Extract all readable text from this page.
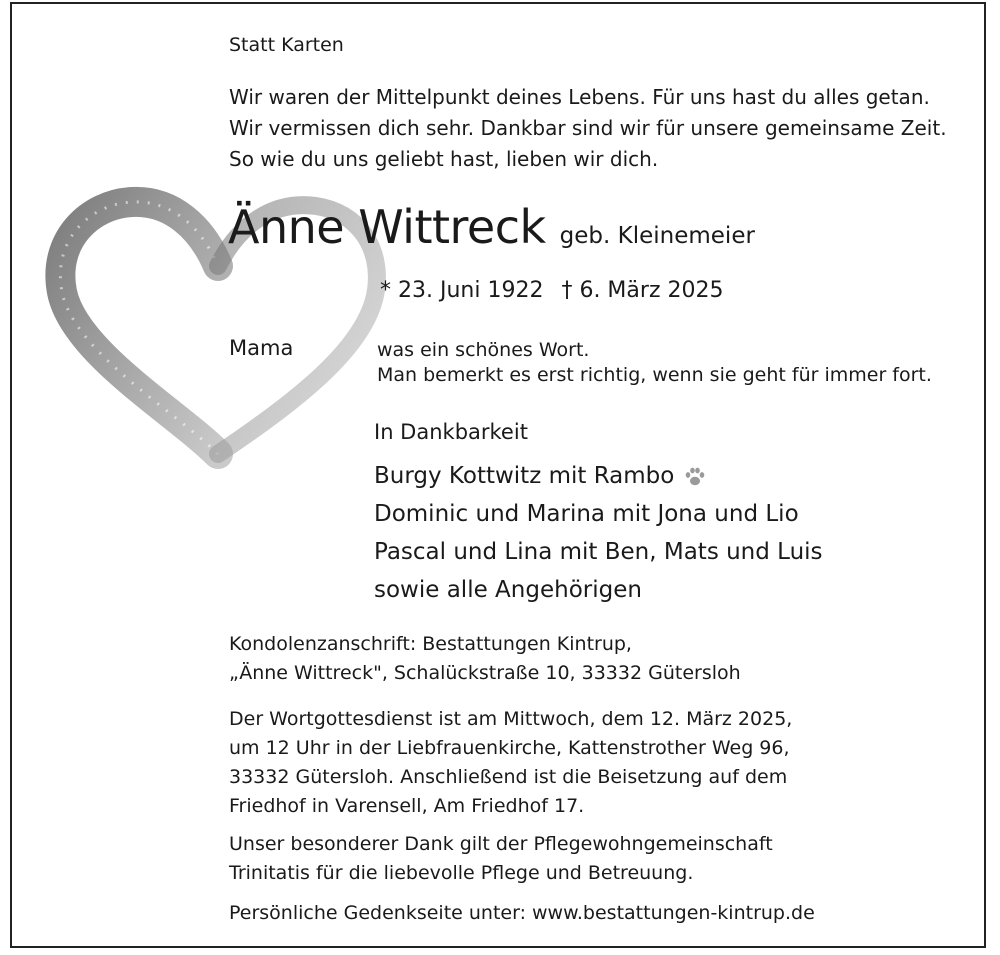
Statt Karten
Wir waren der Mittelpunkt deines Lebens. Für uns hast du alles getan.
Wir vermissen dich sehr. Dankbar sind wir für unsere gemeinsame Zeit.
So wie du uns geliebt hast, lieben wir dich.
Änne Wittreck geb. Kleinemeier
* 23. Juni 1922 † 6. März 2025
Mama	was ein schönes Wort.
Man bemerkt es erst richtig, wenn sie geht für immer fort.
In Dankbarkeit
Burgy Kottwitz mit Rambo
Dominic und Marina mit Jona und Lio
Pascal und Lina mit Ben, Mats und Luis
sowie alle Angehörigen
Kondolenzanschrift: Bestattungen Kintrup,
„Änne Wittreck", Schalückstraße 10, 33332 Gütersloh
Der Wortgottesdienst ist am Mittwoch, dem 12. März 2025,
um 12 Uhr in der Liebfrauenkirche, Kattenstrother Weg 96,
33332 Gütersloh. Anschließend ist die Beisetzung auf dem
Friedhof in Varensell, Am Friedhof 17.
Unser besonderer Dank gilt der Pflegewohngemeinschaft
Trinitatis für die liebevolle Pflege und Betreuung.
Persönliche Gedenkseite unter: www.bestattungen-kintrup.de
